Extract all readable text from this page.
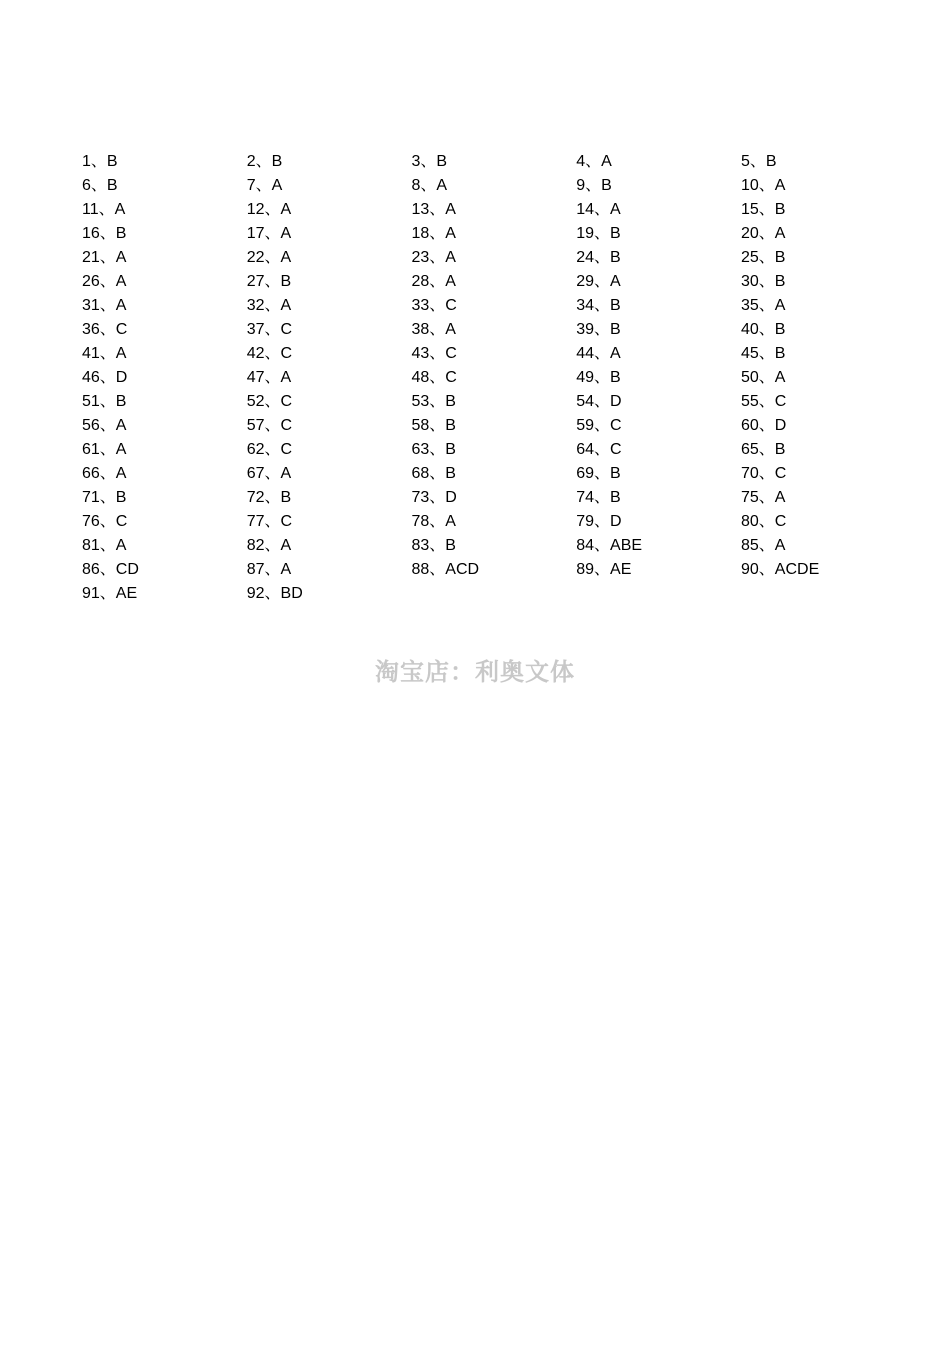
1、B	2、B	3、B	4、A	5、B
6、B	7、A	8、A	9、B	10、A
11、A	12、A	13、A	14、A	15、B
16、B	17、A	18、A	19、B	20、A
21、A	22、A	23、A	24、B	25、B
26、A	27、B	28、A	29、A	30、B
31、A	32、A	33、C	34、B	35、A
36、C	37、C	38、A	39、B	40、B
41、A	42、C	43、C	44、A	45、B
46、D	47、A	48、C	49、B	50、A
51、B	52、C	53、B	54、D	55、C
56、A	57、C	58、B	59、C	60、D
61、A	62、C	63、B	64、C	65、B
66、A	67、A	68、B	69、B	70、C
71、B	72、B	73、D	74、B	75、A
76、C	77、C	78、A	79、D	80、C
81、A	82、A	83、B	84、ABE	85、A
86、CD	87、A	88、ACD	89、AE	90、ACDE
91、AE	92、BD
淘宝店：利奥文体
